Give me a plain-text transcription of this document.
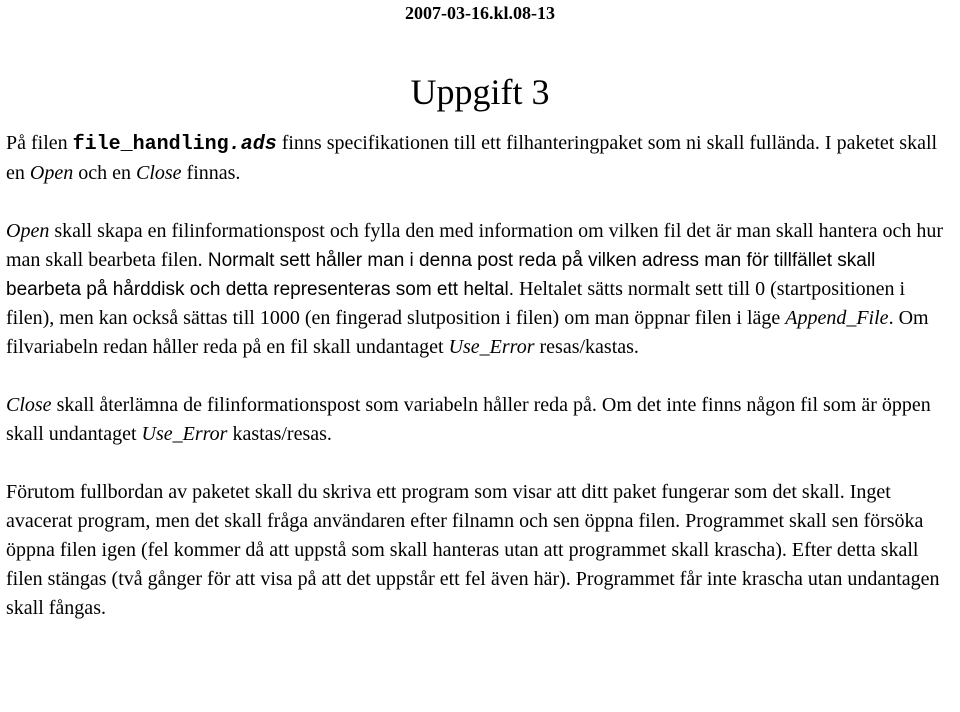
2007-03-16.kl.08-13
Uppgift 3

På filen file_handling.ads finns specifikationen till ett filhanteringpaket som ni skall fulländа. I paketet skall en Open och en Close finnas.

Open skall skapa en filinformationspost och fylla den med information om vilken fil det är man skall hantera och hur man skall bearbeta filen. Normalt sett håller man i denna post reda på vilken adress man för tillfället skall bearbeta på hårddisk och detta representeras som ett heltal. Heltalet sätts normalt sett till 0 (startpositionen i filen), men kan också sättas till 1000 (en fingerad slutposition i filen) om man öppnar filen i läge Append_File. Om filvariabeln redan håller reda på en fil skall undantaget Use_Error resas/kastas.

Close skall återlämna de filinformationspost som variabeln håller reda på. Om det inte finns någon fil som är öppen skall undantaget Use_Error kastas/resas.

Förutom fullbordan av paketet skall du skriva ett program som visar att ditt paket fungerar som det skall. Inget avacerat program, men det skall fråga användaren efter filnamn och sen öppna filen. Programmet skall sen försöka öppna filen igen (fel kommer då att uppstå som skall hanteras utan att programmet skall krascha). Efter detta skall filen stängas (två gånger för att visa på att det uppstår ett fel även här). Programmet får inte krascha utan undantagen skall fångas.
